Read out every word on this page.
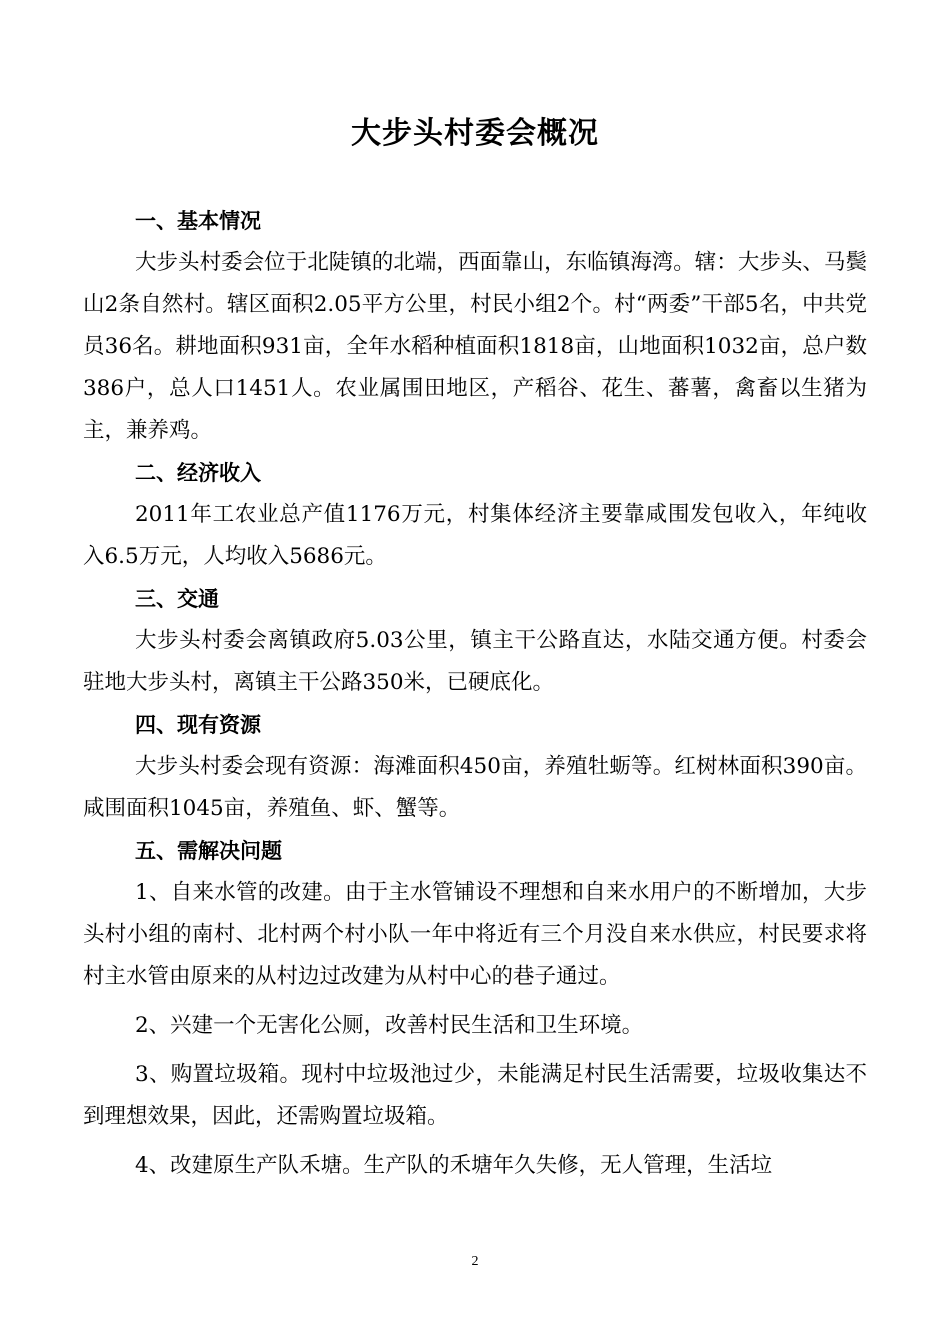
大步头村委会概况
一、基本情况

大步头村委会位于北陡镇的北端，西面靠山，东临镇海湾。辖：大步头、马鬓山2条自然村。辖区面积2.05平方公里，村民小组2个。村“两委”干部5名，中共党员36名。耕地面积931亩，全年水稻种植面积1818亩，山地面积1032亩，总户数386户，总人口1451人。农业属围田地区，产稻谷、花生、蕃薯，禽畜以生猪为主，兼养鸡。

二、经济收入

2011年工农业总产值1176万元，村集体经济主要靠咸围发包收入，年纯收入6.5万元，人均收入5686元。

三、交通

大步头村委会离镇政府5.03公里，镇主干公路直达，水陆交通方便。村委会驻地大步头村，离镇主干公路350米，已硬底化。

四、现有资源

大步头村委会现有资源：海滩面积450亩，养殖牡蛎等。红树林面积390亩。咸围面积1045亩，养殖鱼、虾、蟹等。

五、需解决问题

1、自来水管的改建。由于主水管铺设不理想和自来水用户的不断增加，大步头村小组的南村、北村两个村小队一年中将近有三个月没自来水供应，村民要求将村主水管由原来的从村边过改建为从村中心的巷子通过。

2、兴建一个无害化公厕，改善村民生活和卫生环境。

3、购置垃圾箱。现村中垃圾池过少，未能满足村民生活需要，垃圾收集达不到理想效果，因此，还需购置垃圾箱。

4、改建原生产队禾塘。生产队的禾塘年久失修，无人管理，生活垃

2
